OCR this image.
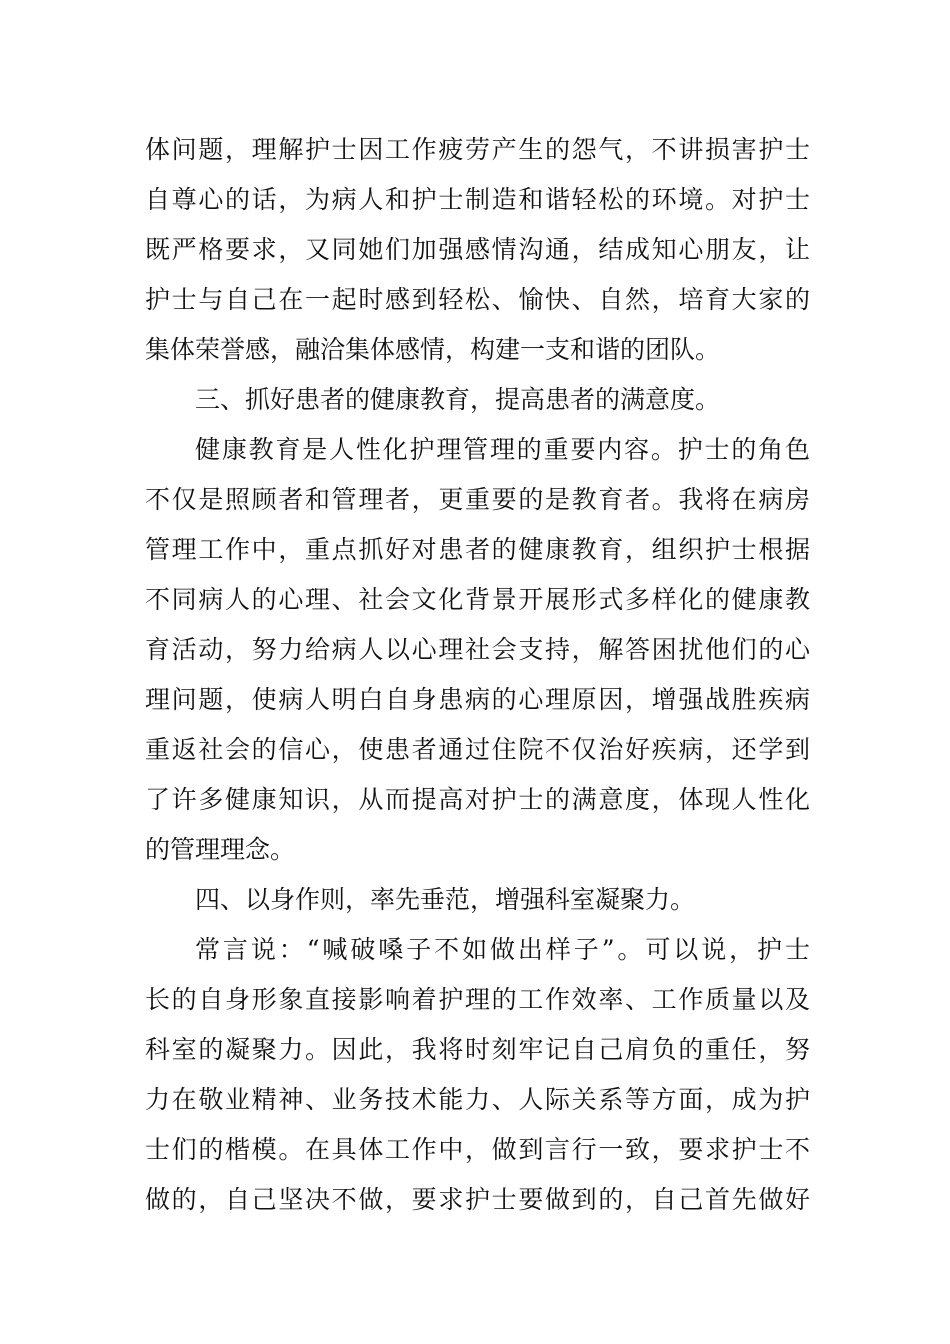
体问题，理解护士因工作疲劳产生的怨气，不讲损害护士
自尊心的话，为病人和护士制造和谐轻松的环境。对护士
既严格要求，又同她们加强感情沟通，结成知心朋友，让
护士与自己在一起时感到轻松、愉快、自然，培育大家的
集体荣誉感，融洽集体感情，构建一支和谐的团队。
三、抓好患者的健康教育，提高患者的满意度。
健康教育是人性化护理管理的重要内容。护士的角色
不仅是照顾者和管理者，更重要的是教育者。我将在病房
管理工作中，重点抓好对患者的健康教育，组织护士根据
不同病人的心理、社会文化背景开展形式多样化的健康教
育活动，努力给病人以心理社会支持，解答困扰他们的心
理问题，使病人明白自身患病的心理原因，增强战胜疾病
重返社会的信心，使患者通过住院不仅治好疾病，还学到
了许多健康知识，从而提高对护士的满意度，体现人性化
的管理理念。
四、以身作则，率先垂范，增强科室凝聚力。
常言说：“喊破嗓子不如做出样子”。可以说，护士
长的自身形象直接影响着护理的工作效率、工作质量以及
科室的凝聚力。因此，我将时刻牢记自己肩负的重任，努
力在敬业精神、业务技术能力、人际关系等方面，成为护
士们的楷模。在具体工作中，做到言行一致，要求护士不
做的，自己坚决不做，要求护士要做到的，自己首先做好
